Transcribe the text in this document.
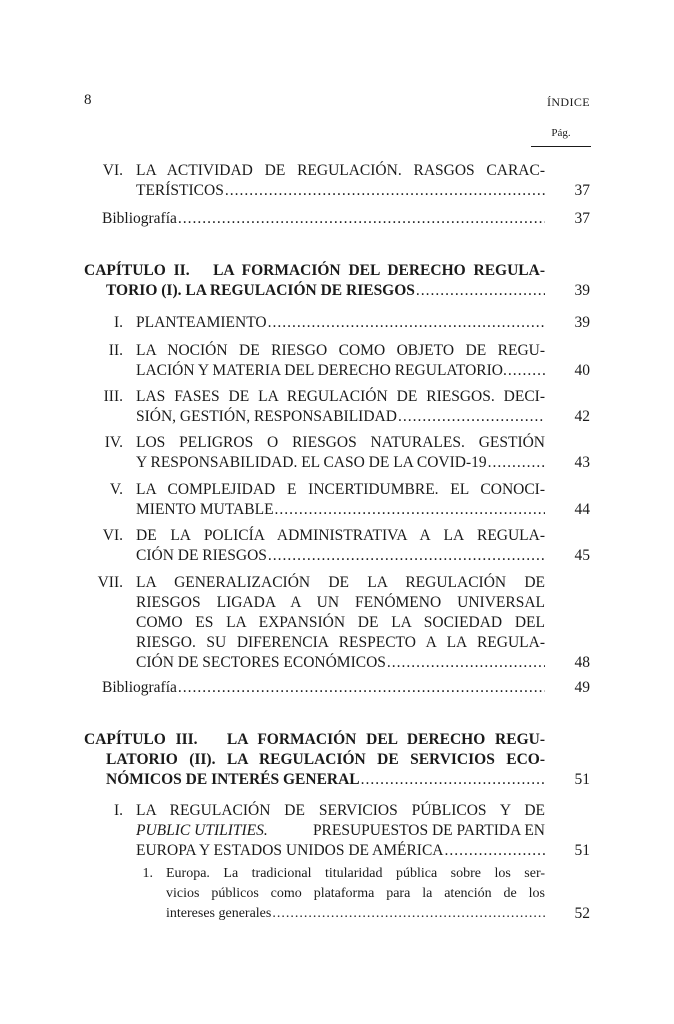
8	ÍNDICE
Pág.
VI. LA ACTIVIDAD DE REGULACIÓN. RASGOS CARAC-
TERÍSTICOS .....	37
Bibliografía .....	37
CAPÍTULO II.   LA FORMACIÓN DEL DERECHO REGULA-
TORIO (I). LA REGULACIÓN DE RIESGOS .....	39
I. PLANTEAMIENTO .....	39
II. LA NOCIÓN DE RIESGO COMO OBJETO DE REGU-
LACIÓN Y MATERIA DEL DERECHO REGULATORIO. .....	40
III. LAS FASES DE LA REGULACIÓN DE RIESGOS. DECI-
SIÓN, GESTIÓN, RESPONSABILIDAD .....	42
IV. LOS PELIGROS O RIESGOS NATURALES. GESTIÓN
Y RESPONSABILIDAD. EL CASO DE LA COVID-19 .....	43
V. LA COMPLEJIDAD E INCERTIDUMBRE. EL CONOCI-
MIENTO MUTABLE .....	44
VI. DE LA POLICÍA ADMINISTRATIVA A LA REGULA-
CIÓN DE RIESGOS .....	45
VII. LA GENERALIZACIÓN DE LA REGULACIÓN DE
RIESGOS LIGADA A UN FENÓMENO UNIVERSAL
COMO ES LA EXPANSIÓN DE LA SOCIEDAD DEL
RIESGO. SU DIFERENCIA RESPECTO A LA REGULA-
CIÓN DE SECTORES ECONÓMICOS .....	48
Bibliografía .....	49
CAPÍTULO III.   LA FORMACIÓN DEL DERECHO REGU-
LATORIO (II). LA REGULACIÓN DE SERVICIOS ECO-
NÓMICOS DE INTERÉS GENERAL .....	51
I. LA REGULACIÓN DE SERVICIOS PÚBLICOS Y DE
PUBLIC UTILITIES.	PRESUPUESTOS DE PARTIDA EN
EUROPA Y ESTADOS UNIDOS DE AMÉRICA .....	51
1. Europa. La tradicional titularidad pública sobre los ser-
vicios públicos como plataforma para la atención de los
intereses generales .....	52
